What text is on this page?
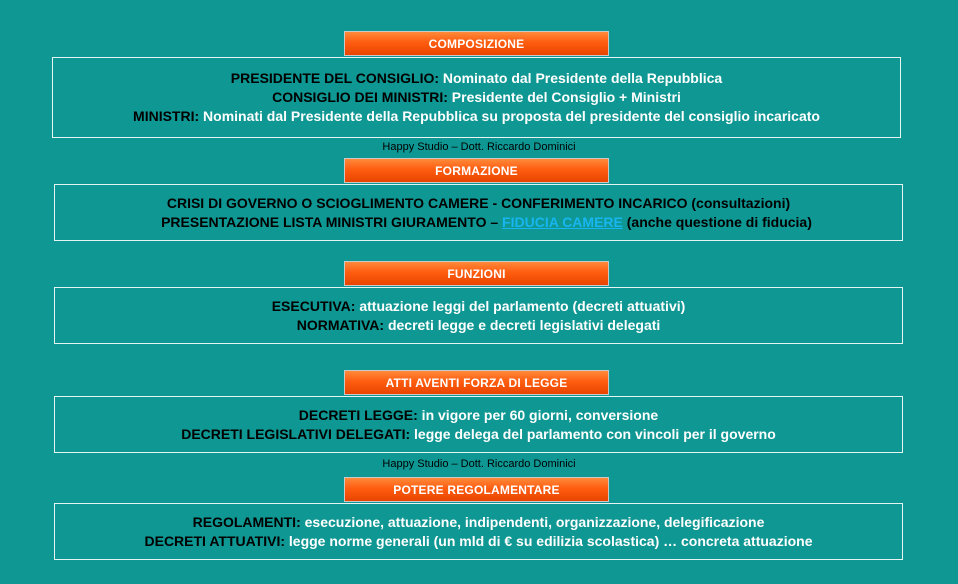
COMPOSIZIONE
PRESIDENTE DEL CONSIGLIO: Nominato dal Presidente della Repubblica
CONSIGLIO DEI MINISTRI: Presidente del Consiglio + Ministri
MINISTRI: Nominati dal Presidente della Repubblica su proposta del presidente del consiglio incaricato
Happy Studio – Dott. Riccardo Dominici
FORMAZIONE
CRISI DI GOVERNO O SCIOGLIMENTO CAMERE - CONFERIMENTO INCARICO (consultazioni)
PRESENTAZIONE LISTA MINISTRI GIURAMENTO – FIDUCIA CAMERE (anche questione di fiducia)
FUNZIONI
ESECUTIVA: attuazione leggi del parlamento (decreti attuativi)
NORMATIVA: decreti legge e decreti legislativi delegati
ATTI AVENTI FORZA DI LEGGE
DECRETI LEGGE: in vigore per 60 giorni, conversione
DECRETI LEGISLATIVI DELEGATI: legge delega del parlamento con vincoli per il governo
Happy Studio – Dott. Riccardo Dominici
POTERE REGOLAMENTARE
REGOLAMENTI: esecuzione, attuazione, indipendenti, organizzazione, delegificazione
DECRETI ATTUATIVI: legge norme generali (un mld di € su edilizia scolastica) … concreta attuazione
